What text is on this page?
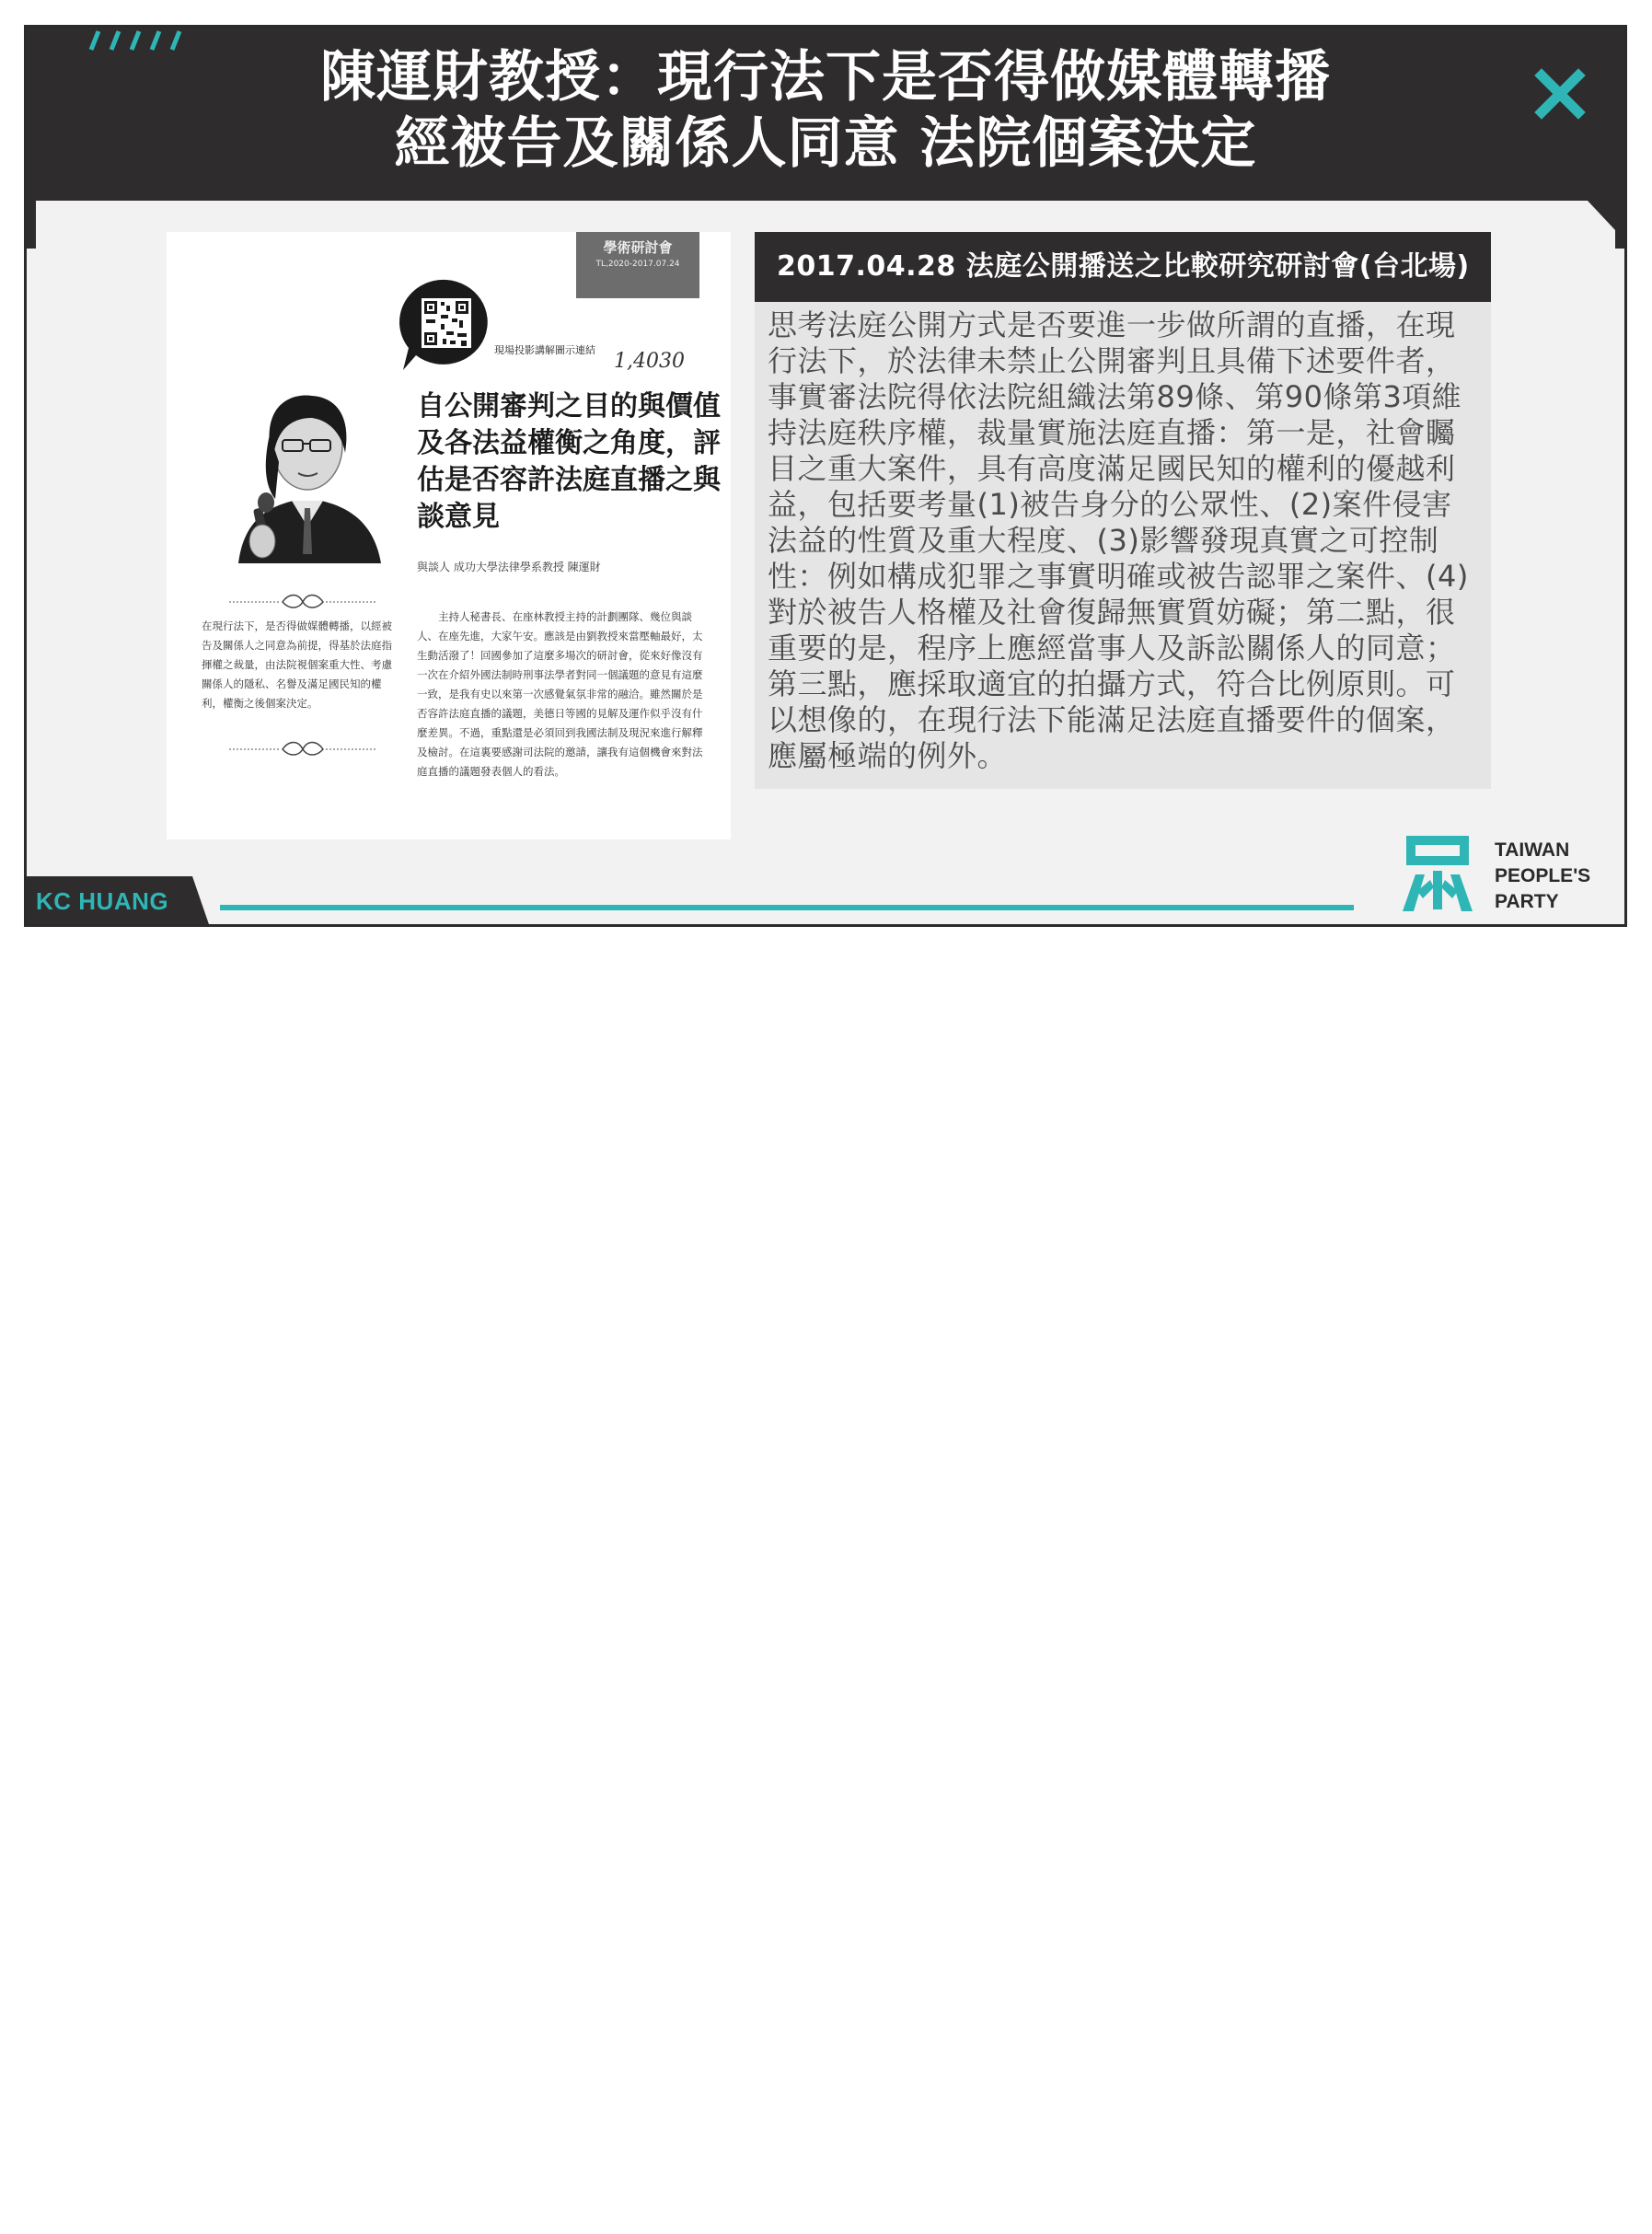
陳運財教授：現行法下是否得做媒體轉播
經被告及關係人同意 法院個案決定
學術研討會
TL,2020-2017.07.24
現場投影講解圖示連結 1,4030
自公開審判之目的與價值及各法益權衡之角度，評估是否容許法庭直播之與談意見
與談人 成功大學法律學系教授 陳運財
在現行法下，是否得做媒體轉播，以經被告及關係人之同意為前提，得基於法庭指揮權之裁量，由法院視個案重大性、考慮關係人的隱私、名譽及滿足國民知的權利，權衡之後個案決定。
主持人秘書長、在座林教授主持的計劃團隊、幾位與談人、在座先進，大家午安。應該是由劉教授來當壓軸最好，太生動活潑了！回國參加了這麼多場次的研討會，從來好像沒有一次在介紹外國法制時刑事法學者對同一個議題的意見有這麼一致，是我有史以來第一次感覺氣氛非常的融洽。雖然關於是否容許法庭直播的議題，美德日等國的見解及運作似乎沒有什麼差異。不過，重點還是必須回到我國法制及現況來進行解釋及檢討。在這裏要感謝司法院的邀請，讓我有這個機會來對法庭直播的議題發表個人的看法。
2017.04.28 法庭公開播送之比較研究研討會(台北場)
思考法庭公開方式是否要進一步做所謂的直播，在現行法下，於法律未禁止公開審判且具備下述要件者，事實審法院得依法院組織法第89條、第90條第3項維持法庭秩序權，裁量實施法庭直播：第一是，社會矚目之重大案件，具有高度滿足國民知的權利的優越利益，包括要考量(1)被告身分的公眾性、(2)案件侵害法益的性質及重大程度、(3)影響發現真實之可控制性：例如構成犯罪之事實明確或被告認罪之案件、(4)對於被告人格權及社會復歸無實質妨礙；第二點，很重要的是，程序上應經當事人及訴訟關係人的同意；第三點，應採取適宜的拍攝方式，符合比例原則。可以想像的，在現行法下能滿足法庭直播要件的個案，應屬極端的例外。
KC HUANG
TAIWAN
PEOPLE'S
PARTY
